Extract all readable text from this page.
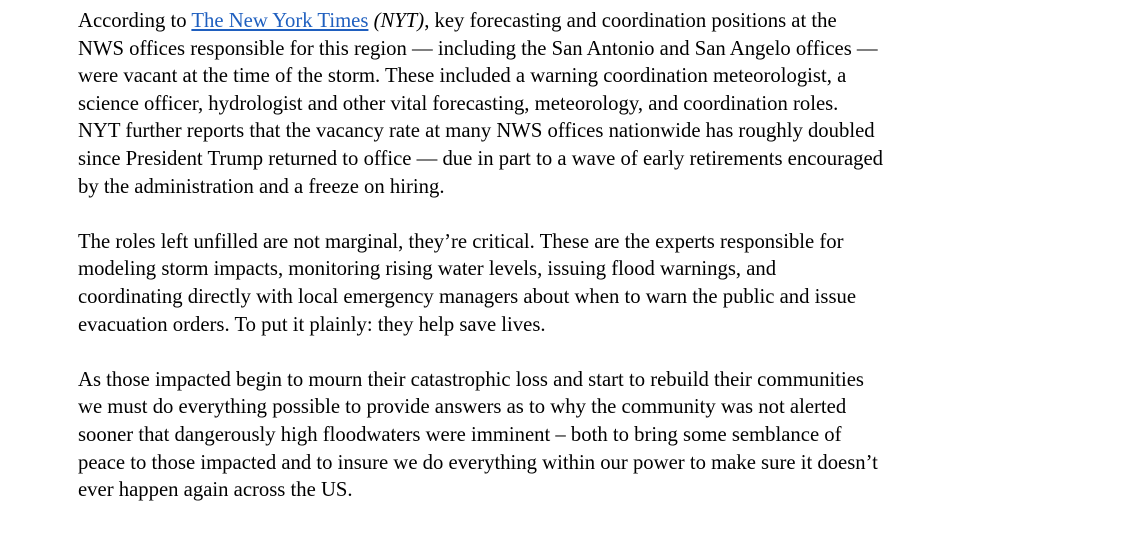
According to The New York Times (NYT), key forecasting and coordination positions at the
NWS offices responsible for this region — including the San Antonio and San Angelo offices —
were vacant at the time of the storm. These included a warning coordination meteorologist, a
science officer, hydrologist and other vital forecasting, meteorology, and coordination roles.
NYT further reports that the vacancy rate at many NWS offices nationwide has roughly doubled
since President Trump returned to office — due in part to a wave of early retirements encouraged
by the administration and a freeze on hiring.
The roles left unfilled are not marginal, they’re critical. These are the experts responsible for
modeling storm impacts, monitoring rising water levels, issuing flood warnings, and
coordinating directly with local emergency managers about when to warn the public and issue
evacuation orders. To put it plainly: they help save lives.
As those impacted begin to mourn their catastrophic loss and start to rebuild their communities
we must do everything possible to provide answers as to why the community was not alerted
sooner that dangerously high floodwaters were imminent – both to bring some semblance of
peace to those impacted and to insure we do everything within our power to make sure it doesn’t
ever happen again across the US.
